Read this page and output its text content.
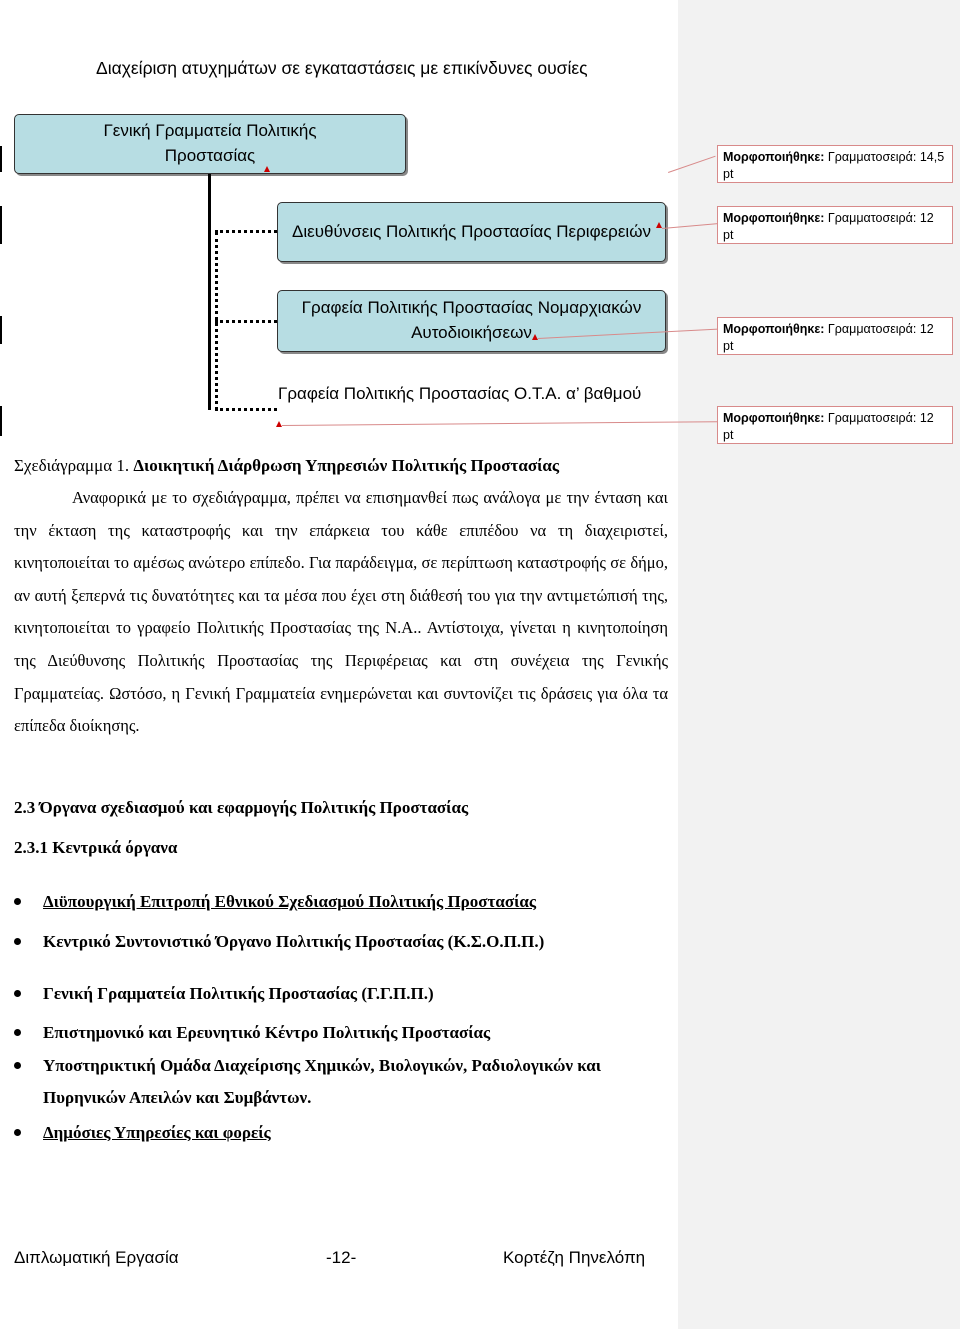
Διαχείριση ατυχημάτων σε εγκαταστάσεις με επικίνδυνες ουσίες
Γενική Γραμματεία Πολιτικής
Προστασίας
Διευθύνσεις Πολιτικής Προστασίας Περιφερειών
Γραφεία Πολιτικής Προστασίας Νομαρχιακών
Αυτοδιοικήσεων
Γραφεία Πολιτικής Προστασίας Ο.Τ.Α. α’ βαθμού
Μορφοποιήθηκε: Γραμματοσειρά: 14,5 pt
Μορφοποιήθηκε: Γραμματοσειρά: 12 pt
Μορφοποιήθηκε: Γραμματοσειρά: 12 pt
Μορφοποιήθηκε: Γραμματοσειρά: 12 pt
Σχεδιάγραμμα 1. Διοικητική Διάρθρωση Υπηρεσιών Πολιτικής Προστασίας
Αναφορικά με το σχεδιάγραμμα, πρέπει να επισημανθεί πως ανάλογα με την ένταση και την έκταση της καταστροφής και την επάρκεια του κάθε επιπέδου να τη διαχειριστεί, κινητοποιείται το αμέσως ανώτερο επίπεδο. Για παράδειγμα, σε περίπτωση καταστροφής σε δήμο, αν αυτή ξεπερνά τις δυνατότητες και τα μέσα που έχει στη διάθεσή του για την αντιμετώπισή της, κινητοποιείται το γραφείο Πολιτικής Προστασίας της Ν.Α.. Αντίστοιχα, γίνεται η κινητοποίηση της Διεύθυνσης Πολιτικής Προστασίας της Περιφέρειας και στη συνέχεια της Γενικής Γραμματείας. Ωστόσο, η Γενική Γραμματεία ενημερώνεται και συντονίζει τις δράσεις για όλα τα επίπεδα διοίκησης.
2.3 Όργανα σχεδιασμού και εφαρμογής Πολιτικής Προστασίας
2.3.1 Κεντρικά όργανα
Διϋπουργική Επιτροπή Εθνικού Σχεδιασμού Πολιτικής Προστασίας
Κεντρικό Συντονιστικό Όργανο Πολιτικής Προστασίας (Κ.Σ.Ο.Π.Π.)
Γενική Γραμματεία Πολιτικής Προστασίας (Γ.Γ.Π.Π.)
Επιστημονικό και Ερευνητικό Κέντρο Πολιτικής Προστασίας
Υποστηρικτική Ομάδα Διαχείρισης Χημικών, Βιολογικών, Ραδιολογικών και Πυρηνικών Απειλών και Συμβάντων.
Δημόσιες Υπηρεσίες και φορείς
Διπλωματική Εργασία	-12-	Κορτέζη Πηνελόπη
